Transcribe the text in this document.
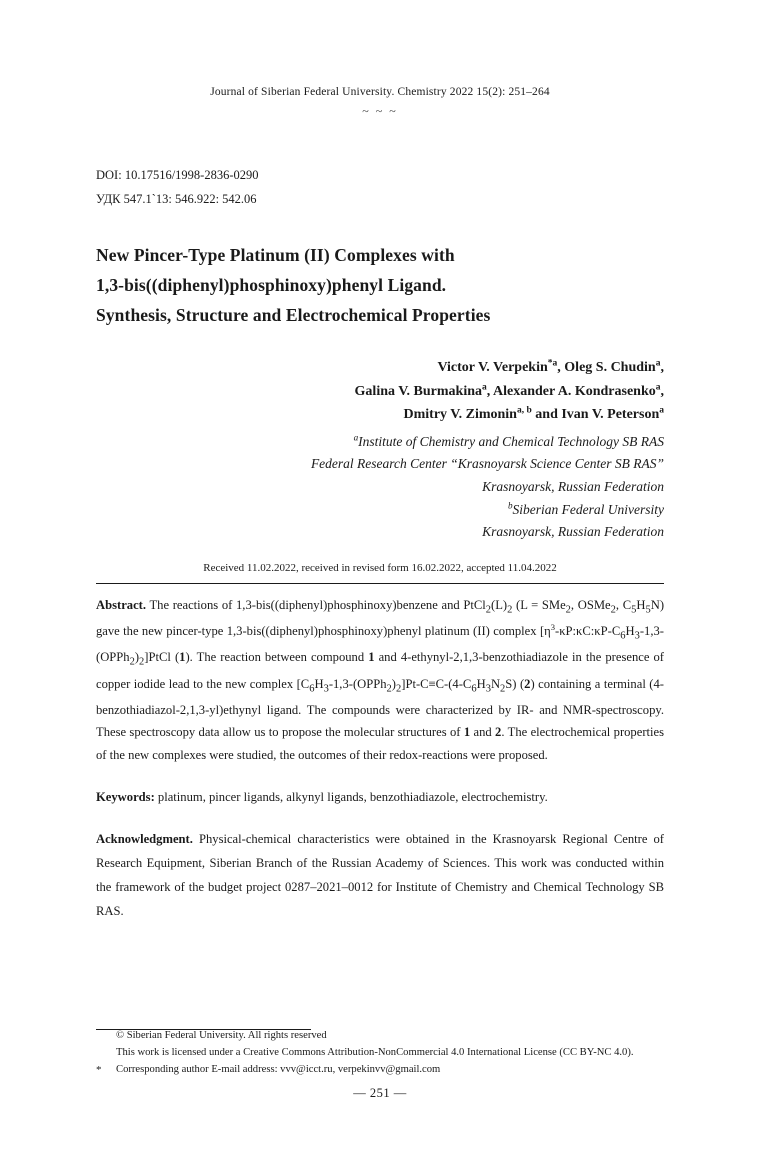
Journal of Siberian Federal University. Chemistry 2022 15(2): 251–264
~ ~ ~
DOI: 10.17516/1998-2836-0290
УДК 547.1`13: 546.922: 542.06
New Pincer-Type Platinum (II) Complexes with
1,3-bis((diphenyl)phosphinoxy)phenyl Ligand.
Synthesis, Structure and Electrochemical Properties
Victor V. Verpekin$^{*a}$, Oleg S. Chudin$^a$,
Galina V. Burmakina$^a$, Alexander A. Kondrasenko$^a$,
Dmitry V. Zimonin$^{a, b}$ and Ivan V. Peterson$^a$
$^a$Institute of Chemistry and Chemical Technology SB RAS
Federal Research Center “Krasnoyarsk Science Center SB RAS”
Krasnoyarsk, Russian Federation
$^b$Siberian Federal University
Krasnoyarsk, Russian Federation
Received 11.02.2022, received in revised form 16.02.2022, accepted 11.04.2022
Abstract. The reactions of 1,3-bis((diphenyl)phosphinoxy)benzene and $PtCl_2(L)_2$ (L = SMe$_2$, OSMe$_2$, $C_5H_5N$) gave the new pincer-type 1,3-bis((diphenyl)phosphinoxy)phenyl platinum (II) complex $[\eta^3-\kappa P:\kappa C:\kappa P-C_6H_3-1,3-(OPPh_2)_2]PtCl$ (1). The reaction between compound 1 and 4-ethynyl-2,1,3-benzothiadiazole in the presence of copper iodide lead to the new complex $[C_6H_3-1,3-(OPPh_2)_2]Pt-C\equiv C-(4-C_6H_3N_2S)$ (2) containing a terminal (4-benzothiadiazol-2,1,3-yl)ethynyl ligand. The compounds were characterized by IR- and NMR-spectroscopy. These spectroscopy data allow us to propose the molecular structures of 1 and 2. The electrochemical properties of the new complexes were studied, the outcomes of their redox-reactions were proposed.
Keywords: platinum, pincer ligands, alkynyl ligands, benzothiadiazole, electrochemistry.
Acknowledgment. Physical-chemical characteristics were obtained in the Krasnoyarsk Regional Centre of Research Equipment, Siberian Branch of the Russian Academy of Sciences. This work was conducted within the framework of the budget project 0287–2021–0012 for Institute of Chemistry and Chemical Technology SB RAS.
© Siberian Federal University. All rights reserved
This work is licensed under a Creative Commons Attribution-NonCommercial 4.0 International License (CC BY-NC 4.0).
* Corresponding author E-mail address: vvv@icct.ru, verpekinvv@gmail.com
— 251 —
